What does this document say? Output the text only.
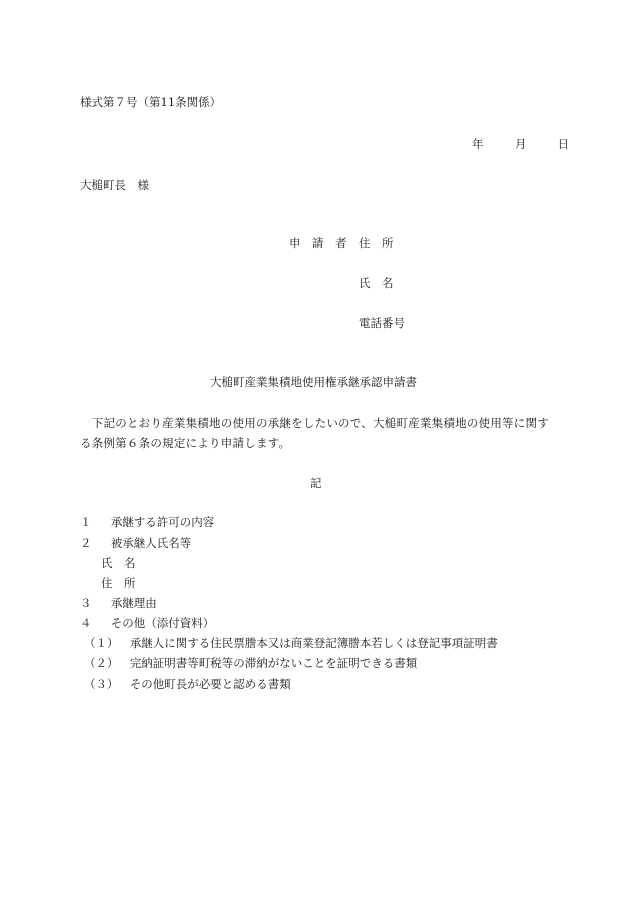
様式第７号（第11条関係）
年	月	日
大槌町長　様
申　請　者 住　所
氏　名
電話番号
大槌町産業集積地使用権承継承認申請書
　下記のとおり産業集積地の使用の承継をしたいので、大槌町産業集積地の使用等に関す
る条例第６条の規定により申請します。
記
１ 承継する許可の内容
２ 被承継人氏名等
氏　名
住　所
３ 承継理由
４ その他（添付資料）
（１） 承継人に関する住民票謄本又は商業登記簿謄本若しくは登記事項証明書
（２） 完納証明書等町税等の滞納がないことを証明できる書類
（３） その他町長が必要と認める書類
